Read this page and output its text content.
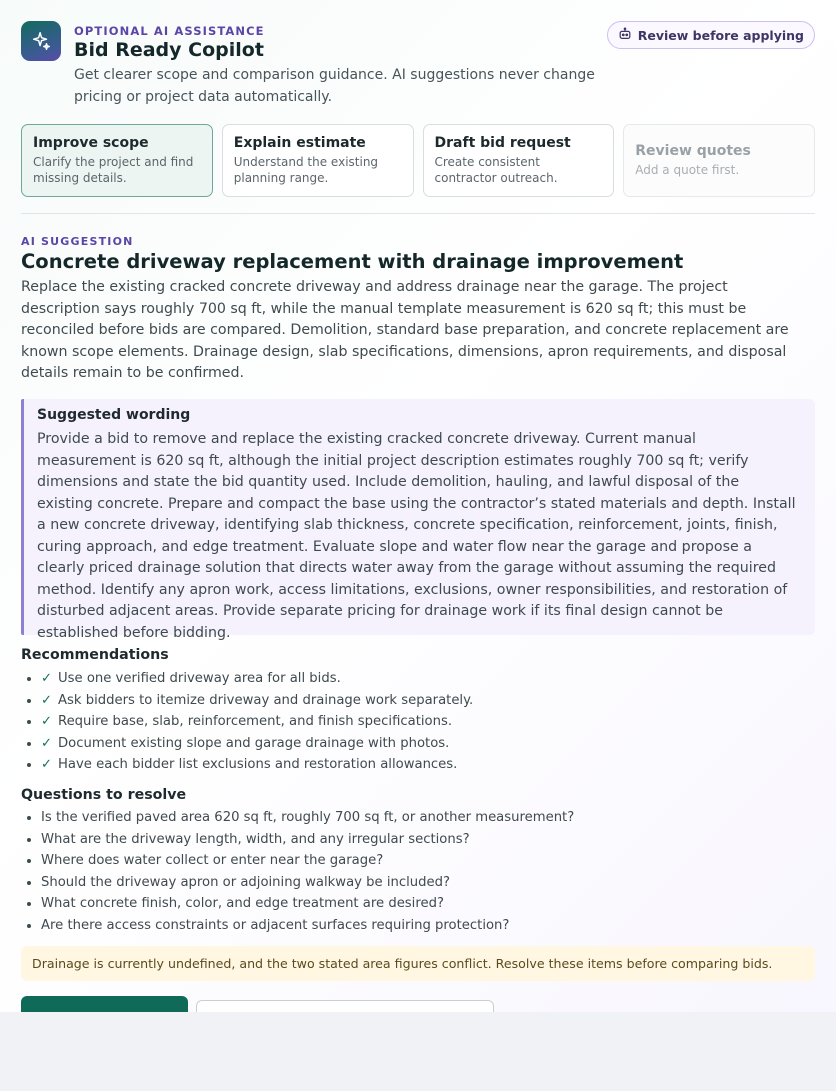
OPTIONAL AI ASSISTANCE
Bid Ready Copilot

Get clearer scope and comparison guidance. AI suggestions never change pricing or project data automatically.

Review before applying
Improve scope
Clarify the project and find missing details.
Explain estimate
Understand the existing planning range.
Draft bid request
Create consistent contractor outreach.
Review quotes
Add a quote first.
AI SUGGESTION
Concrete driveway replacement with drainage improvement

Replace the existing cracked concrete driveway and address drainage near the garage. The project description says roughly 700 sq ft, while the manual template measurement is 620 sq ft; this must be reconciled before bids are compared. Demolition, standard base preparation, and concrete replacement are known scope elements. Drainage design, slab specifications, dimensions, apron requirements, and disposal details remain to be confirmed.

Suggested wording
Provide a bid to remove and replace the existing cracked concrete driveway. Current manual measurement is 620 sq ft, although the initial project description estimates roughly 700 sq ft; verify dimensions and state the bid quantity used. Include demolition, hauling, and lawful disposal of the existing concrete. Prepare and compact the base using the contractor’s stated materials and depth. Install a new concrete driveway, identifying slab thickness, concrete specification, reinforcement, joints, finish, curing approach, and edge treatment. Evaluate slope and water flow near the garage and propose a clearly priced drainage solution that directs water away from the garage without assuming the required method. Identify any apron work, access limitations, exclusions, owner responsibilities, and restoration of disturbed adjacent areas. Provide separate pricing for drainage work if its final design cannot be established before bidding.
Recommendations
• ✓ Use one verified driveway area for all bids.
• ✓ Ask bidders to itemize driveway and drainage work separately.
• ✓ Require base, slab, reinforcement, and finish specifications.
• ✓ Document existing slope and garage drainage with photos.
• ✓ Have each bidder list exclusions and restoration allowances.
Questions to resolve
• Is the verified paved area 620 sq ft, roughly 700 sq ft, or another measurement?
• What are the driveway length, width, and any irregular sections?
• Where does water collect or enter near the garage?
• Should the driveway apron or adjoining walkway be included?
• What concrete finish, color, and edge treatment are desired?
• Are there access constraints or adjacent surfaces requiring protection?
Drainage is currently undefined, and the two stated area figures conflict. Resolve these items before comparing bids.
